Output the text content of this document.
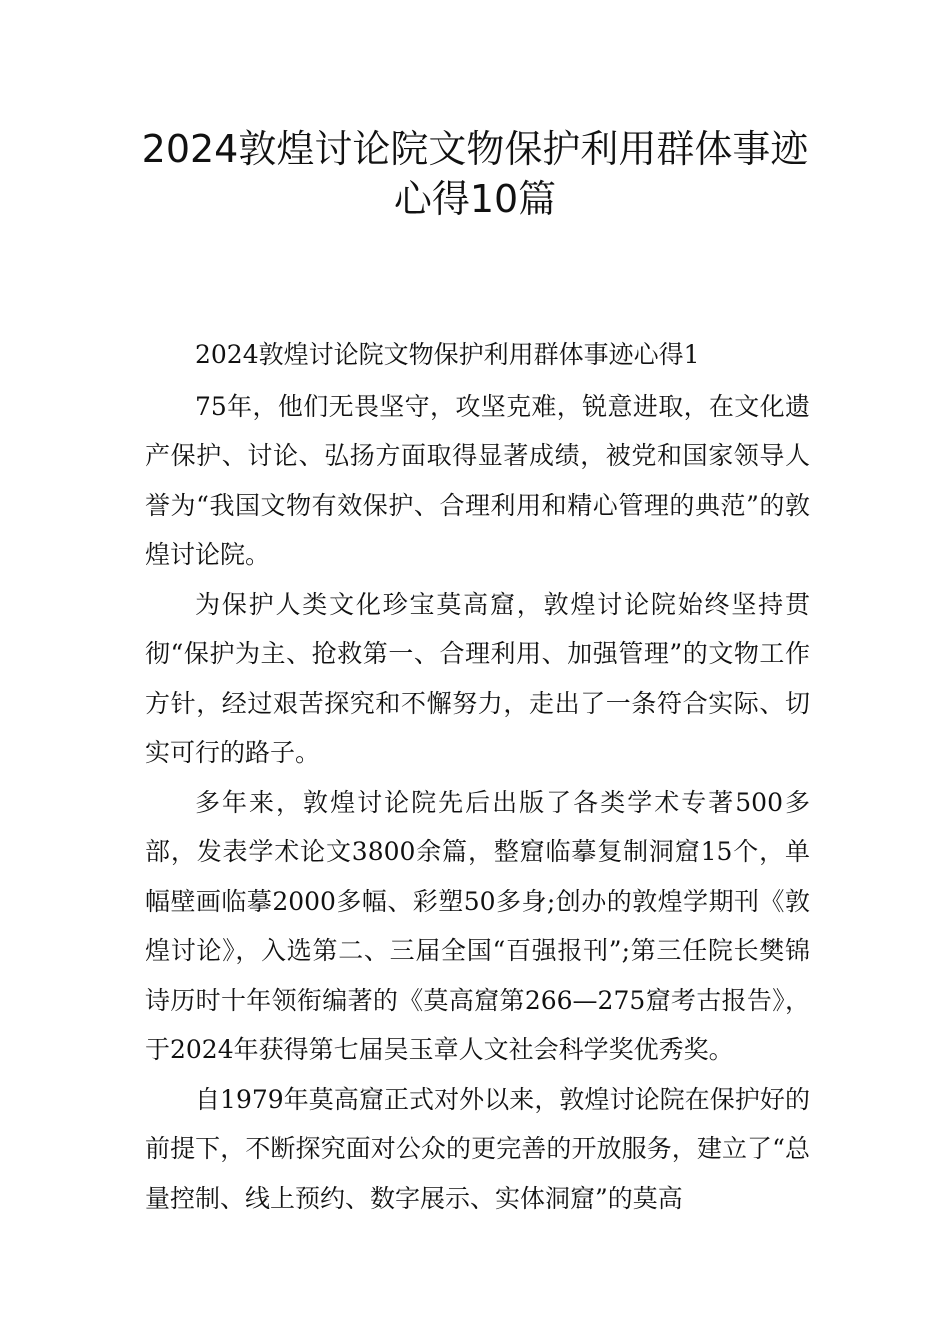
2024敦煌讨论院文物保护利用群体事迹
心得10篇

2024敦煌讨论院文物保护利用群体事迹心得1

75年，他们无畏坚守，攻坚克难，锐意进取，在文化遗产保护、讨论、弘扬方面取得显著成绩，被党和国家领导人誉为“我国文物有效保护、合理利用和精心管理的典范”的敦煌讨论院。

为保护人类文化珍宝莫高窟，敦煌讨论院始终坚持贯彻“保护为主、抢救第一、合理利用、加强管理”的文物工作方针，经过艰苦探究和不懈努力，走出了一条符合实际、切实可行的路子。

多年来，敦煌讨论院先后出版了各类学术专著500多部，发表学术论文3800余篇，整窟临摹复制洞窟15个，单幅壁画临摹2000多幅、彩塑50多身;创办的敦煌学期刊《敦煌讨论》，入选第二、三届全国“百强报刊”;第三任院长樊锦诗历时十年领衔编著的《莫高窟第266—275窟考古报告》，于2024年获得第七届吴玉章人文社会科学奖优秀奖。

自1979年莫高窟正式对外以来，敦煌讨论院在保护好的前提下，不断探究面对公众的更完善的开放服务，建立了“总量控制、线上预约、数字展示、实体洞窟”的莫高
